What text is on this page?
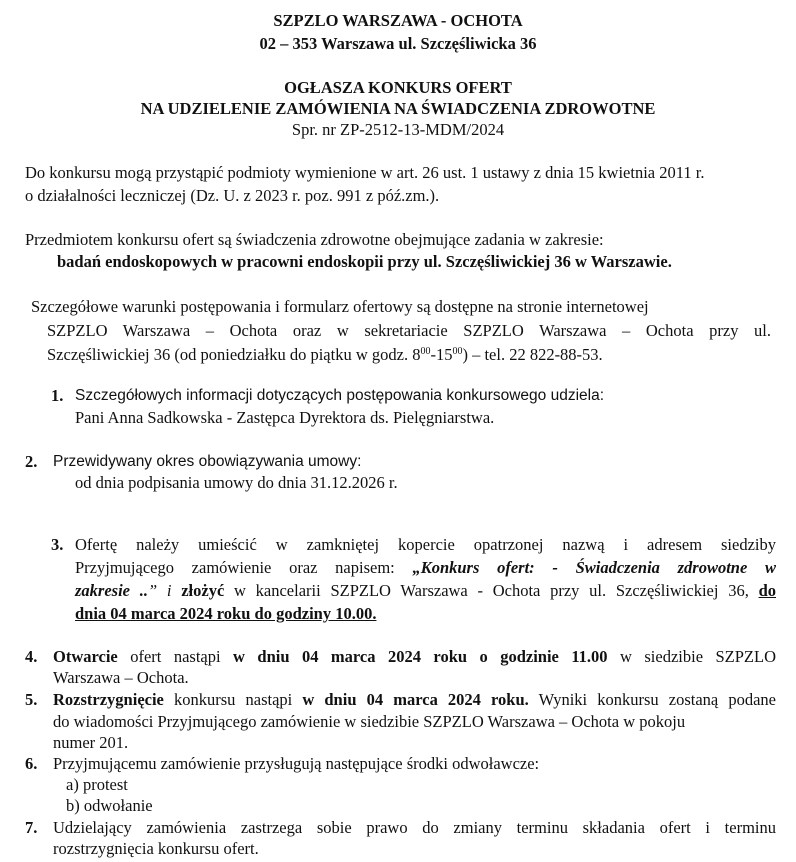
SZPZLO WARSZAWA - OCHOTA
02 – 353 Warszawa ul. Szczęśliwicka 36
OGŁASZA KONKURS OFERT
NA UDZIELENIE ZAMÓWIENIA NA ŚWIADCZENIA ZDROWOTNE
Spr. nr ZP-2512-13-MDM/2024
Do konkursu mogą przystąpić podmioty wymienione w art. 26 ust. 1 ustawy z dnia 15 kwietnia 2011 r.
o działalności leczniczej (Dz. U. z 2023 r. poz. 991 z póź.zm.).
Przedmiotem konkursu ofert są świadczenia zdrowotne obejmujące zadania w zakresie:
badań endoskopowych w pracowni endoskopii przy ul. Szczęśliwickiej 36 w Warszawie.
Szczegółowe warunki postępowania i formularz ofertowy są dostępne na stronie internetowej
SZPZLO Warszawa – Ochota oraz w sekretariacie SZPZLO Warszawa – Ochota przy ul.
Szczęśliwickiej 36 (od poniedziałku do piątku w godz. $8^{00}-15^{00}$) – tel. 22 822-88-53.
1. Szczegółowych informacji dotyczących postępowania konkursowego udziela:
Pani Anna Sadkowska - Zastępca Dyrektora ds. Pielęgniarstwa.
2. Przewidywany okres obowiązywania umowy:
od dnia podpisania umowy do dnia 31.12.2026 r.
3. Ofertę należy umieścić w zamkniętej kopercie opatrzonej nazwą i adresem siedziby
Przyjmującego zamówienie oraz napisem: „Konkurs ofert: - Świadczenia zdrowotne w
zakresie ..” i złożyć w kancelarii SZPZLO Warszawa - Ochota przy ul. Szczęśliwickiej 36, do
dnia 04 marca 2024 roku do godziny 10.00.
4. Otwarcie ofert nastąpi w dniu 04 marca 2024 roku o godzinie 11.00 w siedzibie SZPZLO
Warszawa – Ochota.
5. Rozstrzygnięcie konkursu nastąpi w dniu 04 marca 2024 roku. Wyniki konkursu zostaną podane
do wiadomości Przyjmującego zamówienie w siedzibie SZPZLO Warszawa – Ochota w pokoju
numer 201.
6. Przyjmującemu zamówienie przysługują następujące środki odwoławcze:
a) protest
b) odwołanie
7. Udzielający zamówienia zastrzega sobie prawo do zmiany terminu składania ofert i terminu
rozstrzygnięcia konkursu ofert.
